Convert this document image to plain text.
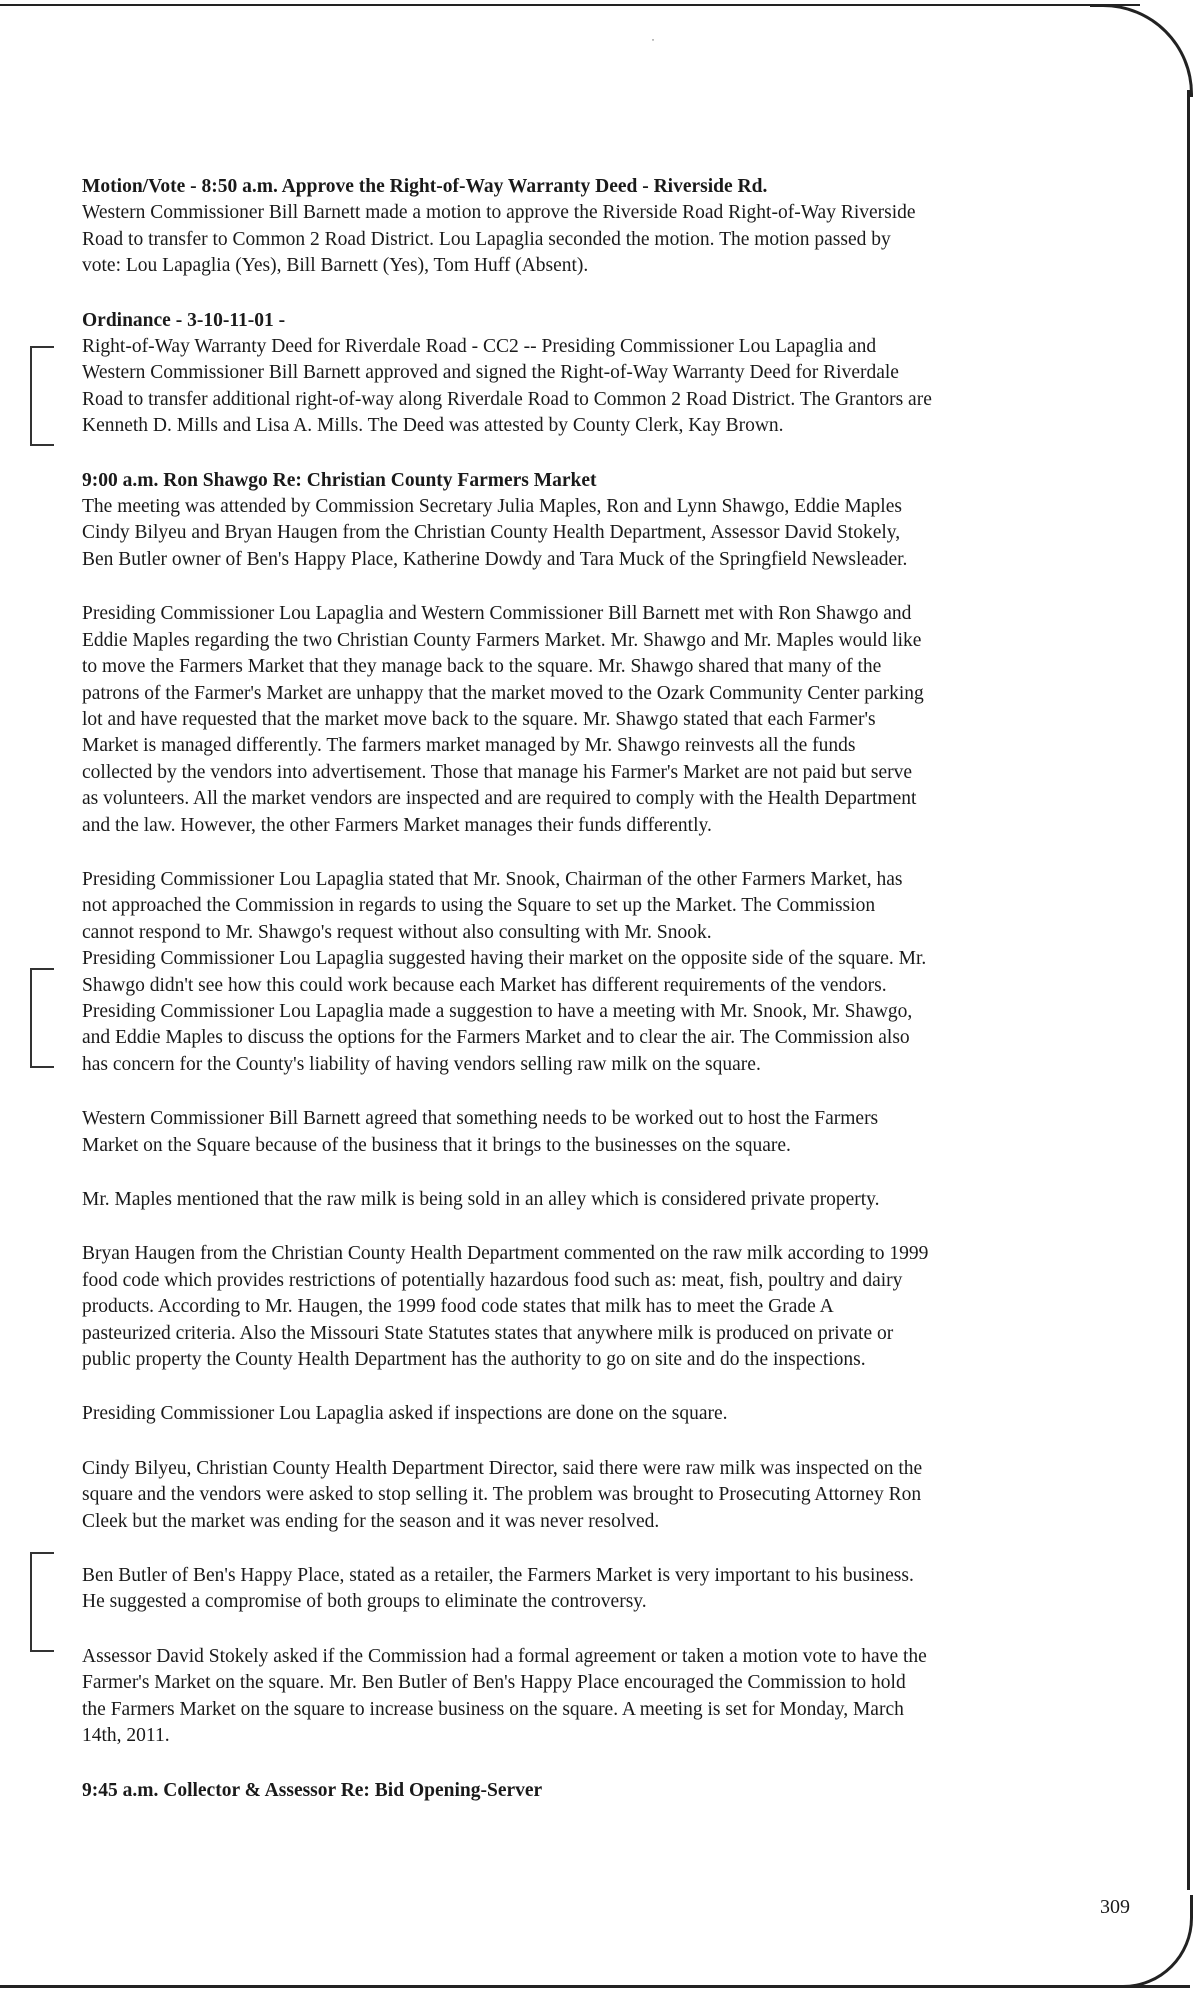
˙
Motion/Vote - 8:50 a.m. Approve the Right-of-Way Warranty Deed - Riverside Rd.
Western Commissioner Bill Barnett made a motion to approve the Riverside Road Right-of-Way Riverside
Road to transfer to Common 2 Road District. Lou Lapaglia seconded the motion. The motion passed by
vote: Lou Lapaglia (Yes), Bill Barnett (Yes), Tom Huff (Absent).
Ordinance - 3-10-11-01 -
Right-of-Way Warranty Deed for Riverdale Road - CC2 -- Presiding Commissioner Lou Lapaglia and
Western Commissioner Bill Barnett approved and signed the Right-of-Way Warranty Deed for Riverdale
Road to transfer additional right-of-way along Riverdale Road to Common 2 Road District. The Grantors are
Kenneth D. Mills and Lisa A. Mills. The Deed was attested by County Clerk, Kay Brown.
9:00 a.m. Ron Shawgo Re: Christian County Farmers Market
The meeting was attended by Commission Secretary Julia Maples, Ron and Lynn Shawgo, Eddie Maples
Cindy Bilyeu and Bryan Haugen from the Christian County Health Department, Assessor David Stokely,
Ben Butler owner of Ben's Happy Place, Katherine Dowdy and Tara Muck of the Springfield Newsleader.
Presiding Commissioner Lou Lapaglia and Western Commissioner Bill Barnett met with Ron Shawgo and
Eddie Maples regarding the two Christian County Farmers Market. Mr. Shawgo and Mr. Maples would like
to move the Farmers Market that they manage back to the square. Mr. Shawgo shared that many of the
patrons of the Farmer's Market are unhappy that the market moved to the Ozark Community Center parking
lot and have requested that the market move back to the square. Mr. Shawgo stated that each Farmer's
Market is managed differently. The farmers market managed by Mr. Shawgo reinvests all the funds
collected by the vendors into advertisement. Those that manage his Farmer's Market are not paid but serve
as volunteers. All the market vendors are inspected and are required to comply with the Health Department
and the law. However, the other Farmers Market manages their funds differently.
Presiding Commissioner Lou Lapaglia stated that Mr. Snook, Chairman of the other Farmers Market, has
not approached the Commission in regards to using the Square to set up the Market. The Commission
cannot respond to Mr. Shawgo's request without also consulting with Mr. Snook.
Presiding Commissioner Lou Lapaglia suggested having their market on the opposite side of the square. Mr.
Shawgo didn't see how this could work because each Market has different requirements of the vendors.
Presiding Commissioner Lou Lapaglia made a suggestion to have a meeting with Mr. Snook, Mr. Shawgo,
and Eddie Maples to discuss the options for the Farmers Market and to clear the air. The Commission also
has concern for the County's liability of having vendors selling raw milk on the square.
Western Commissioner Bill Barnett agreed that something needs to be worked out to host the Farmers
Market on the Square because of the business that it brings to the businesses on the square.
Mr. Maples mentioned that the raw milk is being sold in an alley which is considered private property.
Bryan Haugen from the Christian County Health Department commented on the raw milk according to 1999
food code which provides restrictions of potentially hazardous food such as: meat, fish, poultry and dairy
products. According to Mr. Haugen, the 1999 food code states that milk has to meet the Grade A
pasteurized criteria. Also the Missouri State Statutes states that anywhere milk is produced on private or
public property the County Health Department has the authority to go on site and do the inspections.
Presiding Commissioner Lou Lapaglia asked if inspections are done on the square.
Cindy Bilyeu, Christian County Health Department Director, said there were raw milk was inspected on the
square and the vendors were asked to stop selling it. The problem was brought to Prosecuting Attorney Ron
Cleek but the market was ending for the season and it was never resolved.
Ben Butler of Ben's Happy Place, stated as a retailer, the Farmers Market is very important to his business.
He suggested a compromise of both groups to eliminate the controversy.
Assessor David Stokely asked if the Commission had a formal agreement or taken a motion vote to have the
Farmer's Market on the square. Mr. Ben Butler of Ben's Happy Place encouraged the Commission to hold
the Farmers Market on the square to increase business on the square. A meeting is set for Monday, March
14th, 2011.
9:45 a.m. Collector & Assessor Re: Bid Opening-Server
309
